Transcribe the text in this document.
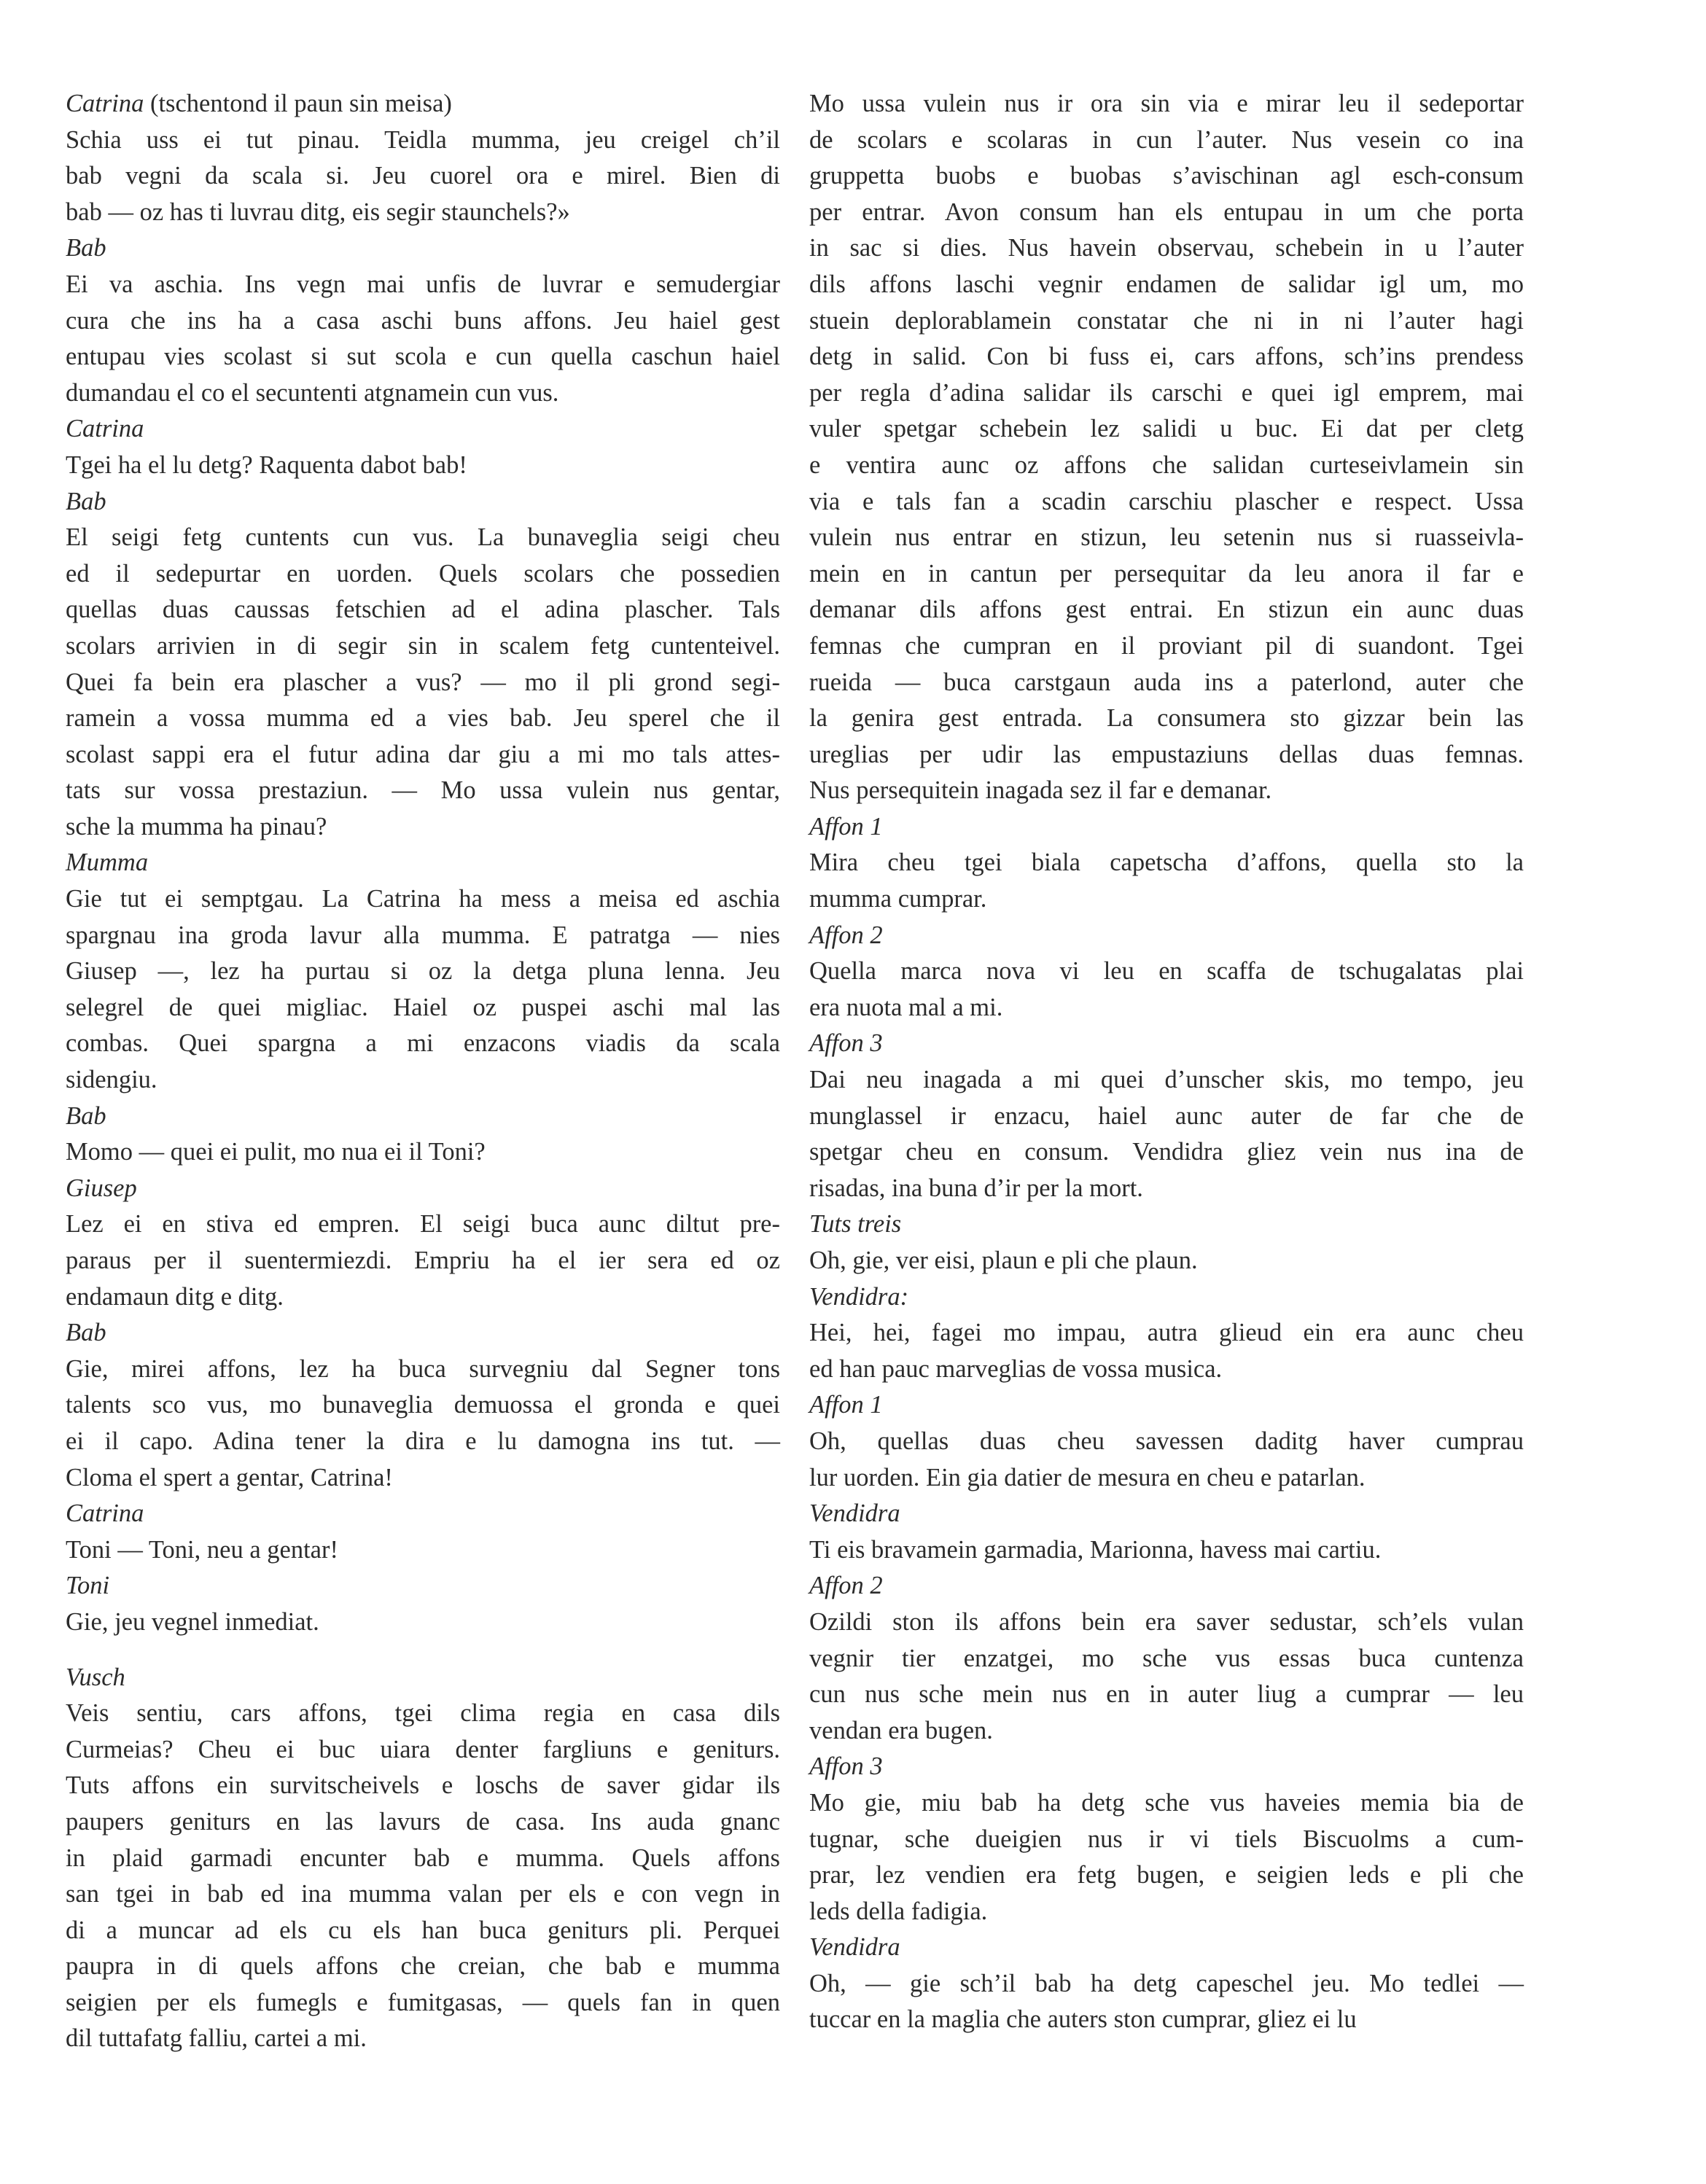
Catrina (tschentond il paun sin meisa)
Schia uss ei tut pinau. Teidla mumma, jeu creigel ch’il
bab vegni da scala si. Jeu cuorel ora e mirel. Bien di
bab — oz has ti luvrau ditg, eis segir staunchels?»
Bab
Ei va aschia. Ins vegn mai unfis de luvrar e semudergiar
cura che ins ha a casa aschi buns affons. Jeu haiel gest
entupau vies scolast si sut scola e cun quella caschun haiel
dumandau el co el secuntenti atgnamein cun vus.
Catrina
Tgei ha el lu detg? Raquenta dabot bab!
Bab
El seigi fetg cuntents cun vus. La bunaveglia seigi cheu
ed il sedepurtar en uorden. Quels scolars che possedien
quellas duas caussas fetschien ad el adina plascher. Tals
scolars arrivien in di segir sin in scalem fetg cuntenteivel.
Quei fa bein era plascher a vus? — mo il pli grond segi-
ramein a vossa mumma ed a vies bab. Jeu sperel che il
scolast sappi era el futur adina dar giu a mi mo tals attes-
tats sur vossa prestaziun. — Mo ussa vulein nus gentar,
sche la mumma ha pinau?
Mumma
Gie tut ei semptgau. La Catrina ha mess a meisa ed aschia
spargnau ina groda lavur alla mumma. E patratga — nies
Giusep —, lez ha purtau si oz la detga pluna lenna. Jeu
selegrel de quei migliac. Haiel oz puspei aschi mal las
combas. Quei spargna a mi enzacons viadis da scala
sidengiu.
Bab
Momo — quei ei pulit, mo nua ei il Toni?
Giusep
Lez ei en stiva ed empren. El seigi buca aunc diltut pre-
paraus per il suentermiezdi. Empriu ha el ier sera ed oz
endamaun ditg e ditg.
Bab
Gie, mirei affons, lez ha buca survegniu dal Segner tons
talents sco vus, mo bunaveglia demuossa el gronda e quei
ei il capo. Adina tener la dira e lu damogna ins tut. —
Cloma el spert a gentar, Catrina!
Catrina
Toni — Toni, neu a gentar!
Toni
Gie, jeu vegnel inmediat.
Vusch
Veis sentiu, cars affons, tgei clima regia en casa dils
Curmeias? Cheu ei buc uiara denter fargliuns e geniturs.
Tuts affons ein survitscheivels e loschs de saver gidar ils
paupers geniturs en las lavurs de casa. Ins auda gnanc
in plaid garmadi encunter bab e mumma. Quels affons
san tgei in bab ed ina mumma valan per els e con vegn in
di a muncar ad els cu els han buca geniturs pli. Perquei
paupra in di quels affons che creian, che bab e mumma
seigien per els fumegls e fumitgasas, — quels fan in quen
dil tuttafatg falliu, cartei a mi.
Mo ussa vulein nus ir ora sin via e mirar leu il sedeportar
de scolars e scolaras in cun l’auter. Nus vesein co ina
gruppetta buobs e buobas s’avischinan agl esch-consum
per entrar. Avon consum han els entupau in um che porta
in sac si dies. Nus havein observau, schebein in u l’auter
dils affons laschi vegnir endamen de salidar igl um, mo
stuein deplorablamein constatar che ni in ni l’auter hagi
detg in salid. Con bi fuss ei, cars affons, sch’ins prendess
per regla d’adina salidar ils carschi e quei igl emprem, mai
vuler spetgar schebein lez salidi u buc. Ei dat per cletg
e ventira aunc oz affons che salidan curteseivlamein sin
via e tals fan a scadin carschiu plascher e respect. Ussa
vulein nus entrar en stizun, leu setenin nus si ruasseivla-
mein en in cantun per persequitar da leu anora il far e
demanar dils affons gest entrai. En stizun ein aunc duas
femnas che cumpran en il proviant pil di suandont. Tgei
rueida — buca carstgaun auda ins a paterlond, auter che
la genira gest entrada. La consumera sto gizzar bein las
ureglias per udir las empustaziuns dellas duas femnas.
Nus persequitein inagada sez il far e demanar.
Affon 1
Mira cheu tgei biala capetscha d’affons, quella sto la
mumma cumprar.
Affon 2
Quella marca nova vi leu en scaffa de tschugalatas plai
era nuota mal a mi.
Affon 3
Dai neu inagada a mi quei d’unscher skis, mo tempo, jeu
munglassel ir enzacu, haiel aunc auter de far che de
spetgar cheu en consum. Vendidra gliez vein nus ina de
risadas, ina buna d’ir per la mort.
Tuts treis
Oh, gie, ver eisi, plaun e pli che plaun.
Vendidra:
Hei, hei, fagei mo impau, autra glieud ein era aunc cheu
ed han pauc marveglias de vossa musica.
Affon 1
Oh, quellas duas cheu savessen daditg haver cumprau
lur uorden. Ein gia datier de mesura en cheu e patarlan.
Vendidra
Ti eis bravamein garmadia, Marionna, havess mai cartiu.
Affon 2
Ozildi ston ils affons bein era saver sedustar, sch’els vulan
vegnir tier enzatgei, mo sche vus essas buca cuntenza
cun nus sche mein nus en in auter liug a cumprar — leu
vendan era bugen.
Affon 3
Mo gie, miu bab ha detg sche vus haveies memia bia de
tugnar, sche dueigien nus ir vi tiels Biscuolms a cum-
prar, lez vendien era fetg bugen, e seigien leds e pli che
leds della fadigia.
Vendidra
Oh, — gie sch’il bab ha detg capeschel jeu. Mo tedlei —
tuccar en la maglia che auters ston cumprar, gliez ei lu
